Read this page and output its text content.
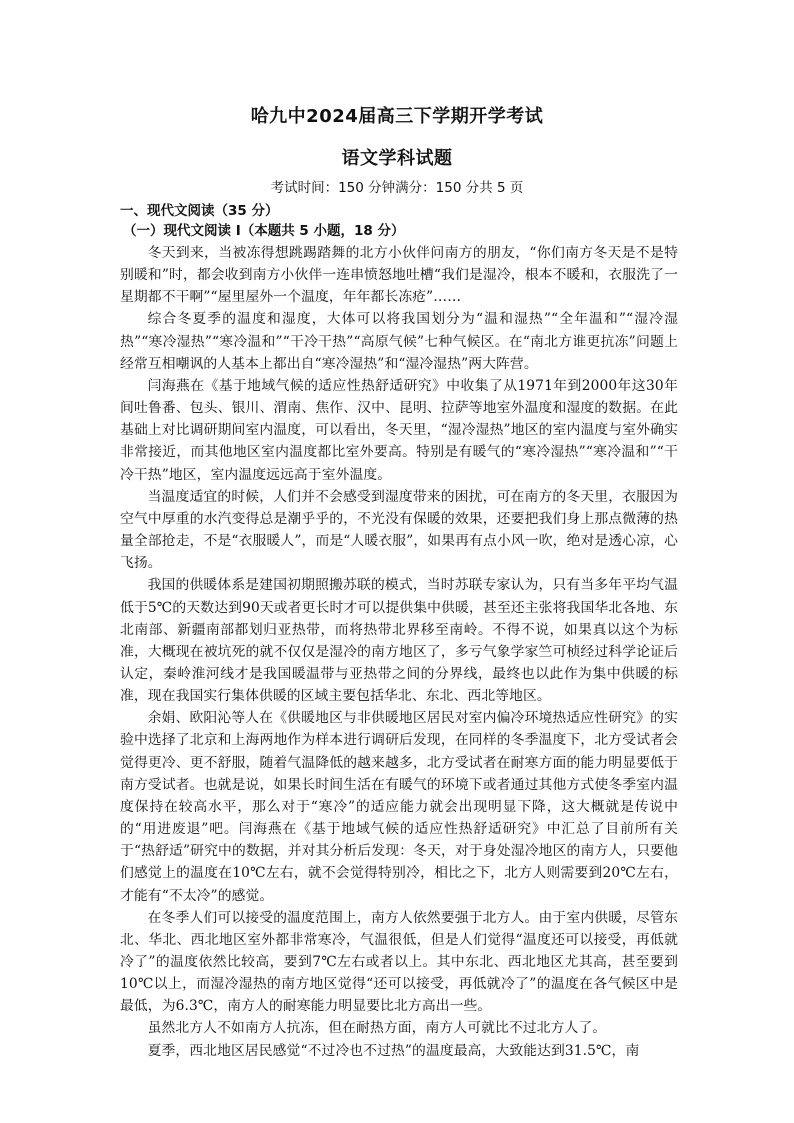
哈九中2024届高三下学期开学考试
语文学科试题
考试时间：150 分钟满分：150 分共 5 页
一、现代文阅读（35 分）
（一）现代文阅读 I（本题共 5 小题，18 分）

冬天到来，当被冻得想跳踢踏舞的北方小伙伴问南方的朋友，“你们南方冬天是不是特别暖和”时，都会收到南方小伙伴一连串愤怒地吐槽“我们是湿冷，根本不暖和，衣服洗了一星期都不干啊”“屋里屋外一个温度，年年都长冻疮”……

综合冬夏季的温度和湿度，大体可以将我国划分为“温和湿热”“全年温和”“湿冷湿热”“寒冷湿热”“寒冷温和”“干冷干热”“高原气候”七种气候区。在“南北方谁更抗冻”问题上经常互相嘲讽的人基本上都出自“寒冷湿热”和“湿冷湿热”两大阵营。

闫海燕在《基于地域气候的适应性热舒适研究》中收集了从1971年到2000年这30年间吐鲁番、包头、银川、渭南、焦作、汉中、昆明、拉萨等地室外温度和湿度的数据。在此基础上对比调研期间室内温度，可以看出，冬天里，“湿冷湿热”地区的室内温度与室外确实非常接近，而其他地区室内温度都比室外要高。特别是有暖气的“寒冷湿热”“寒冷温和”“干冷干热”地区，室内温度远远高于室外温度。

当温度适宜的时候，人们并不会感受到湿度带来的困扰，可在南方的冬天里，衣服因为空气中厚重的水汽变得总是潮乎乎的，不光没有保暖的效果，还要把我们身上那点微薄的热量全部抢走，不是“衣服暖人”，而是“人暖衣服”，如果再有点小风一吹，绝对是透心凉，心飞扬。

我国的供暖体系是建国初期照搬苏联的模式，当时苏联专家认为，只有当多年平均气温低于5℃的天数达到90天或者更长时才可以提供集中供暖，甚至还主张将我国华北各地、东北南部、新疆南部都划归亚热带，而将热带北界移至南岭。不得不说，如果真以这个为标准，大概现在被坑死的就不仅仅是湿冷的南方地区了，多亏气象学家竺可桢经过科学论证后认定，秦岭淮河线才是我国暖温带与亚热带之间的分界线，最终也以此作为集中供暖的标准，现在我国实行集体供暖的区域主要包括华北、东北、西北等地区。

余娟、欧阳沁等人在《供暖地区与非供暖地区居民对室内偏冷环境热适应性研究》的实验中选择了北京和上海两地作为样本进行调研后发现，在同样的冬季温度下，北方受试者会觉得更冷、更不舒服，随着气温降低的越来越多，北方受试者在耐寒方面的能力明显要低于南方受试者。也就是说，如果长时间生活在有暖气的环境下或者通过其他方式使冬季室内温度保持在较高水平，那么对于“寒冷”的适应能力就会出现明显下降，这大概就是传说中的“用进废退”吧。闫海燕在《基于地域气候的适应性热舒适研究》中汇总了目前所有关于“热舒适”研究中的数据，并对其分析后发现：冬天，对于身处湿冷地区的南方人，只要他们感觉上的温度在10℃左右，就不会觉得特别冷，相比之下，北方人则需要到20℃左右，才能有“不太冷”的感觉。

在冬季人们可以接受的温度范围上，南方人依然要强于北方人。由于室内供暖，尽管东北、华北、西北地区室外都非常寒冷，气温很低，但是人们觉得“温度还可以接受，再低就冷了”的温度依然比较高，要到7℃左右或者以上。其中东北、西北地区尤其高，甚至要到10℃以上，而湿冷湿热的南方地区觉得“还可以接受，再低就冷了”的温度在各气候区中是最低，为6.3℃，南方人的耐寒能力明显要比北方高出一些。

虽然北方人不如南方人抗冻，但在耐热方面，南方人可就比不过北方人了。

夏季，西北地区居民感觉“不过冷也不过热”的温度最高，大致能达到31.5℃，南
